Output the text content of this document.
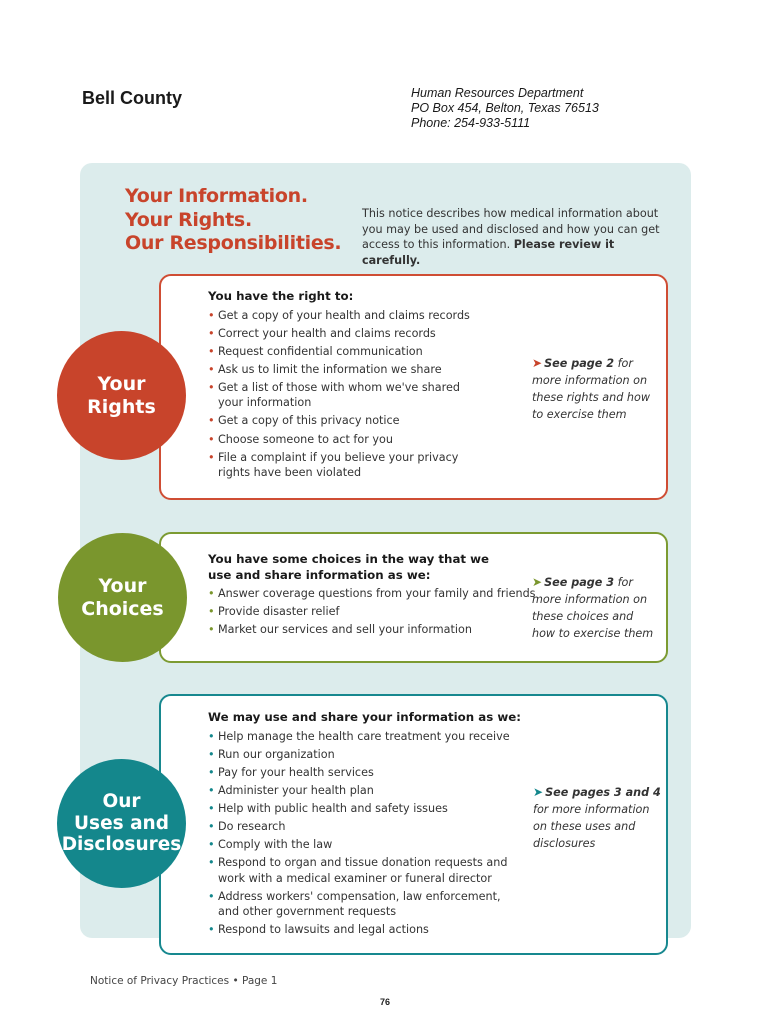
Bell County	Human Resources Department
PO Box 454, Belton, Texas 76513
Phone: 254-933-5111
Your Information.
Your Rights.
Our Responsibilities.
This notice describes how medical information about you may be used and disclosed and how you can get access to this information. Please review it carefully.
Your
Rights
You have the right to:
• Get a copy of your health and claims records
• Correct your health and claims records
• Request confidential communication
• Ask us to limit the information we share
• Get a list of those with whom we've shared
your information
• Get a copy of this privacy notice
• Choose someone to act for you
• File a complaint if you believe your privacy
rights have been violated
➤ See page 2 for
more information on
these rights and how
to exercise them
Your
Choices
You have some choices in the way that we
use and share information as we:
• Answer coverage questions from your family and friends
• Provide disaster relief
• Market our services and sell your information
➤ See page 3 for
more information on
these choices and
how to exercise them
Our
Uses and
Disclosures
We may use and share your information as we:
• Help manage the health care treatment you receive
• Run our organization
• Pay for your health services
• Administer your health plan
• Help with public health and safety issues
• Do research
• Comply with the law
• Respond to organ and tissue donation requests and
work with a medical examiner or funeral director
• Address workers' compensation, law enforcement,
and other government requests
• Respond to lawsuits and legal actions
➤ See pages 3 and 4
for more information
on these uses and
disclosures
Notice of Privacy Practices • Page 1
76
